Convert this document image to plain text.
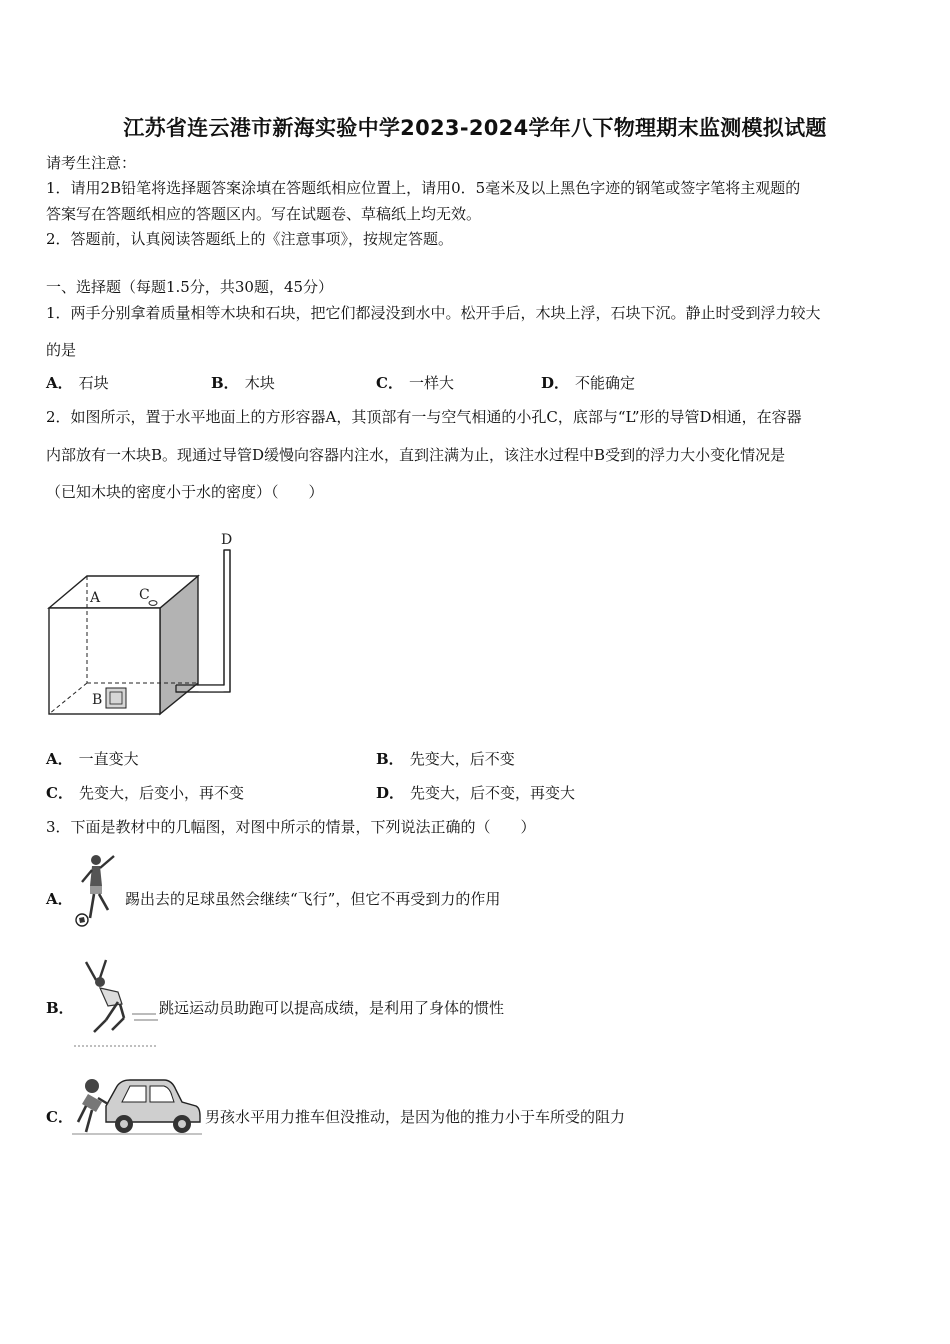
江苏省连云港市新海实验中学2023-2024学年八下物理期末监测模拟试题
请考生注意：
1．请用2B铅笔将选择题答案涂填在答题纸相应位置上，请用0．5毫米及以上黑色字迹的钢笔或签字笔将主观题的
答案写在答题纸相应的答题区内。写在试题卷、草稿纸上均无效。
2．答题前，认真阅读答题纸上的《注意事项》，按规定答题。
一、选择题（每题1.5分，共30题，45分）
1．两手分别拿着质量相等木块和石块，把它们都浸没到水中。松开手后，木块上浮，石块下沉。静止时受到浮力较大
的是
A． 石块	B． 木块	C． 一样大	D． 不能确定
2．如图所示，置于水平地面上的方形容器A，其顶部有一与空气相通的小孔C，底部与“L”形的导管D相通，在容器
内部放有一木块B。现通过导管D缓慢向容器内注水，直到注满为止，该注水过程中B受到的浮力大小变化情况是
（已知木块的密度小于水的密度）（　　）
A	C
D
B
A． 一直变大	B． 先变大，后不变
C． 先变大，后变小，再不变	D． 先变大，后不变，再变大
3．下面是教材中的几幅图，对图中所示的情景，下列说法正确的（　　）
A．	踢出去的足球虽然会继续“飞行”，但它不再受到力的作用
B．	跳远运动员助跑可以提高成绩，是利用了身体的惯性
C．	男孩水平用力推车但没推动，是因为他的推力小于车所受的阻力
